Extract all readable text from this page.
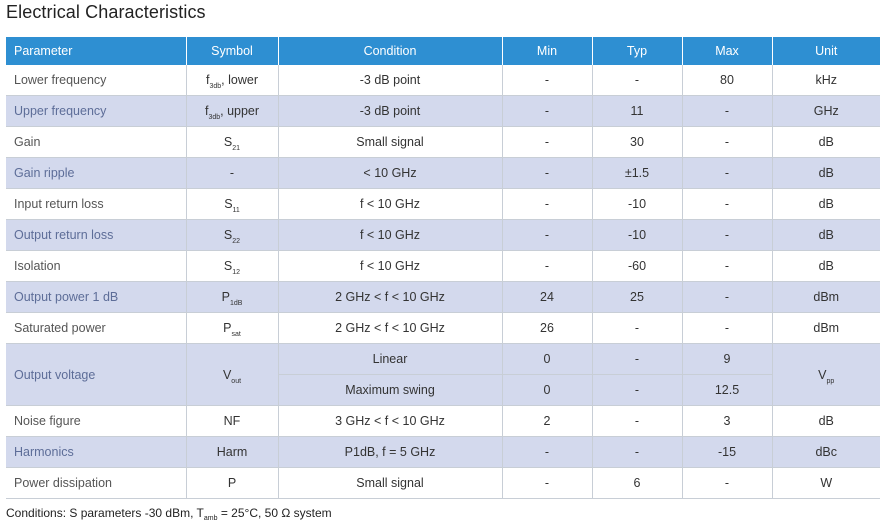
Electrical Characteristics
Parameter	Symbol	Condition	Min	Typ	Max	Unit
Lower frequency	$f_{3db}$, lower	-3 dB point	-	-	80	kHz
Upper frequency	$f_{3db}$, upper	-3 dB point	-	11	-	GHz
Gain	$S_{21}$	Small signal	-	30	-	dB
Gain ripple	-	< 10 GHz	-	±1.5	-	dB
Input return loss	$S_{11}$	f < 10 GHz	-	-10	-	dB
Output return loss	$S_{22}$	f < 10 GHz	-	-10	-	dB
Isolation	$S_{12}$	f < 10 GHz	-	-60	-	dB
Output power 1 dB	$P_{1dB}$	2 GHz < f < 10 GHz	24	25	-	dBm
Saturated power	$P_{sat}$	2 GHz < f < 10 GHz	26	-	-	dBm
Output voltage	$V_{out}$	Linear	0	-	9	$V_{pp}$
		Maximum swing	0	-	12.5	
Noise figure	NF	3 GHz < f < 10 GHz	2	-	3	dB
Harmonics	Harm	P1dB, f = 5 GHz	-	-	-15	dBc
Power dissipation	P	Small signal	-	6	-	W
Conditions: S parameters -30 dBm, $T_{amb} = 25^\circ C$, 50 Ω system
